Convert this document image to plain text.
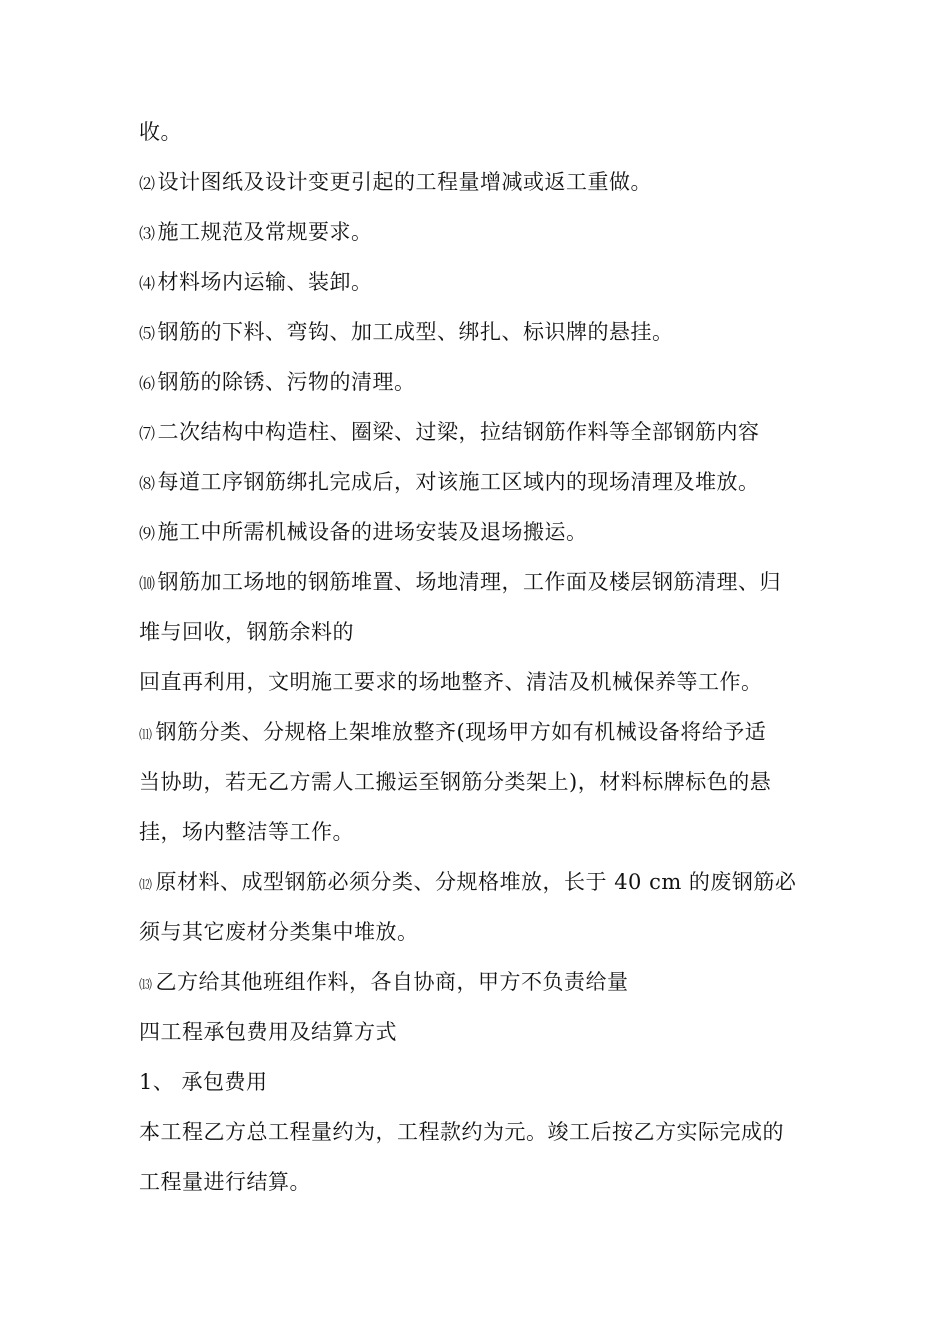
收。
⑵设计图纸及设计变更引起的工程量增减或返工重做。
⑶施工规范及常规要求。
⑷材料场内运输、装卸。
⑸钢筋的下料、弯钩、加工成型、绑扎、标识牌的悬挂。
⑹钢筋的除锈、污物的清理。
⑺二次结构中构造柱、圈梁、过梁，拉结钢筋作料等全部钢筋内容
⑻每道工序钢筋绑扎完成后，对该施工区域内的现场清理及堆放。
⑼施工中所需机械设备的进场安装及退场搬运。
⑽钢筋加工场地的钢筋堆置、场地清理，工作面及楼层钢筋清理、归
堆与回收，钢筋余料的
回直再利用，文明施工要求的场地整齐、清洁及机械保养等工作。
⑾ 钢筋分类、分规格上架堆放整齐(现场甲方如有机械设备将给予适
当协助，若无乙方需人工搬运至钢筋分类架上)，材料标牌标色的悬
挂，场内整洁等工作。
⑿ 原材料、成型钢筋必须分类、分规格堆放，长于 40 cm 的废钢筋必
须与其它废材分类集中堆放。
⒀ 乙方给其他班组作料，各自协商，甲方不负责给量
四工程承包费用及结算方式
1、 承包费用
本工程乙方总工程量约为，工程款约为元。竣工后按乙方实际完成的
工程量进行结算。
